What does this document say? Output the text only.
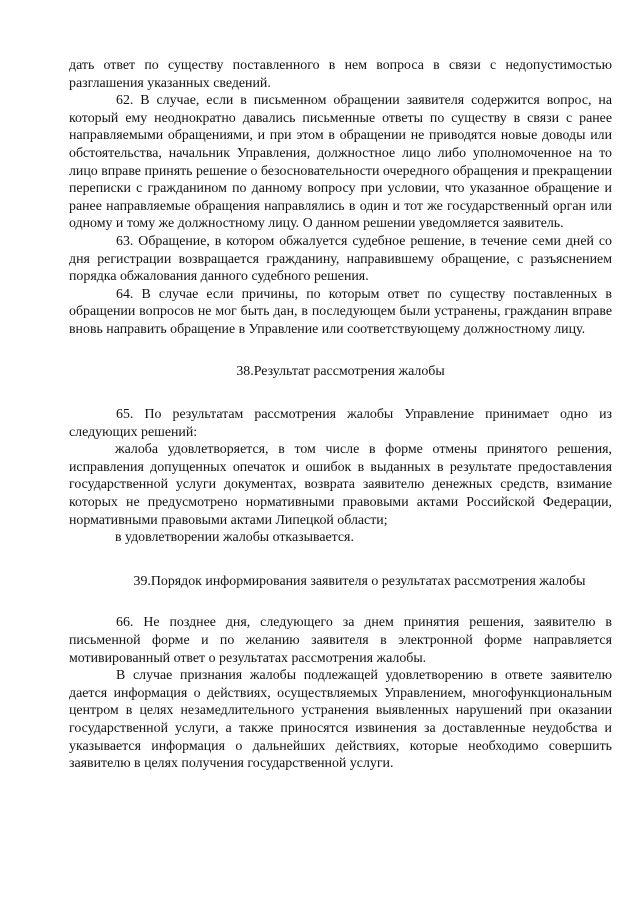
дать ответ по существу поставленного в нем вопроса в связи с недопустимостью разглашения указанных сведений.

62. В случае, если в письменном обращении заявителя содержится вопрос, на который ему неоднократно давались письменные ответы по существу в связи с ранее направляемыми обращениями, и при этом в обращении не приводятся новые доводы или обстоятельства, начальник Управления, должностное лицо либо уполномоченное на то лицо вправе принять решение о безосновательности очередного обращения и прекращении переписки с гражданином по данному вопросу при условии, что указанное обращение и ранее направляемые обращения направлялись в один и тот же государственный орган или одному и тому же должностному лицу. О данном решении уведомляется заявитель.

63. Обращение, в котором обжалуется судебное решение, в течение семи дней со дня регистрации возвращается гражданину, направившему обращение, с разъяснением порядка обжалования данного судебного решения.

64. В случае если причины, по которым ответ по существу поставленных в обращении вопросов не мог быть дан, в последующем были устранены, гражданин вправе вновь направить обращение в Управление или соответствующему должностному лицу.

38.Результат рассмотрения жалобы

65. По результатам рассмотрения жалобы Управление принимает одно из следующих решений:

жалоба удовлетворяется, в том числе в форме отмены принятого решения, исправления допущенных опечаток и ошибок в выданных в результате предоставления государственной услуги документах, возврата заявителю денежных средств, взимание которых не предусмотрено нормативными правовыми актами Российской Федерации, нормативными правовыми актами Липецкой области;

в удовлетворении жалобы отказывается.

39.Порядок информирования заявителя о результатах рассмотрения жалобы

66. Не позднее дня, следующего за днем принятия решения, заявителю в письменной форме и по желанию заявителя в электронной форме направляется мотивированный ответ о результатах рассмотрения жалобы.

В случае признания жалобы подлежащей удовлетворению в ответе заявителю дается информация о действиях, осуществляемых Управлением, многофункциональным центром в целях незамедлительного устранения выявленных нарушений при оказании государственной услуги, а также приносятся извинения за доставленные неудобства и указывается информация о дальнейших действиях, которые необходимо совершить заявителю в целях получения государственной услуги.
